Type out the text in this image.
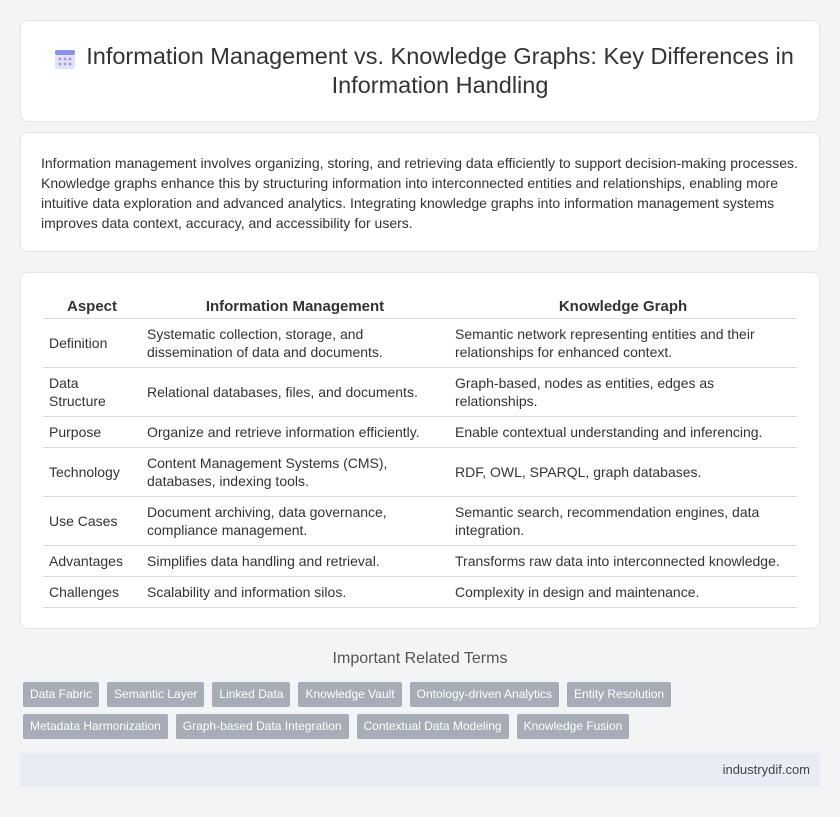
Information Management vs. Knowledge Graphs: Key Differences in Information Handling

Information management involves organizing, storing, and retrieving data efficiently to support decision-making processes. Knowledge graphs enhance this by structuring information into interconnected entities and relationships, enabling more intuitive data exploration and advanced analytics. Integrating knowledge graphs into information management systems improves data context, accuracy, and accessibility for users.

Aspect	Information Management	Knowledge Graph
Definition	Systematic collection, storage, and dissemination of data and documents.	Semantic network representing entities and their relationships for enhanced context.
Data Structure	Relational databases, files, and documents.	Graph-based, nodes as entities, edges as relationships.
Purpose	Organize and retrieve information efficiently.	Enable contextual understanding and inferencing.
Technology	Content Management Systems (CMS), databases, indexing tools.	RDF, OWL, SPARQL, graph databases.
Use Cases	Document archiving, data governance, compliance management.	Semantic search, recommendation engines, data integration.
Advantages	Simplifies data handling and retrieval.	Transforms raw data into interconnected knowledge.
Challenges	Scalability and information silos.	Complexity in design and maintenance.
Important Related Terms
Data Fabric	Semantic Layer	Linked Data	Knowledge Vault	Ontology-driven Analytics	Entity Resolution
Metadata Harmonization	Graph-based Data Integration	Contextual Data Modeling	Knowledge Fusion
industrydif.com
